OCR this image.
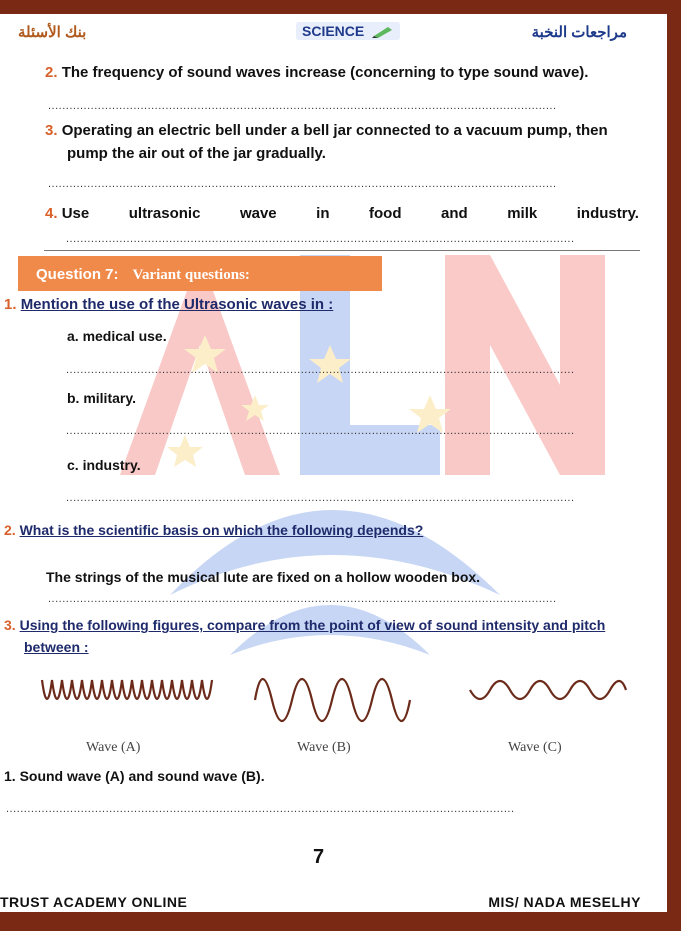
بنك الأسئلة	SCIENCE	مراجعات النخبة
2. The frequency of sound waves increase (concerning to type sound wave).
...............................................................................................................................................
3. Operating an electric bell under a bell jar connected to a vacuum pump, then
pump the air out of the jar gradually.
...............................................................................................................................................
4. Use	ultrasonic	wave	in	food	and	milk	industry.
...............................................................................................................................................
Question 7: Variant questions:
1. Mention the use of the Ultrasonic waves in :
a. medical use.
...............................................................................................................................................
b. military.
...............................................................................................................................................
c. industry.
...............................................................................................................................................
2. What is the scientific basis on which the following depends?
The strings of the musical lute are fixed on a hollow wooden box.
...............................................................................................................................................
3. Using the following figures, compare from the point of view of sound intensity and pitch
between :
Wave (A)	Wave (B)	Wave (C)
1. Sound wave (A) and sound wave (B).
...............................................................................................................................................
7
TRUST ACADEMY ONLINE	MIS/ NADA MESELHY
